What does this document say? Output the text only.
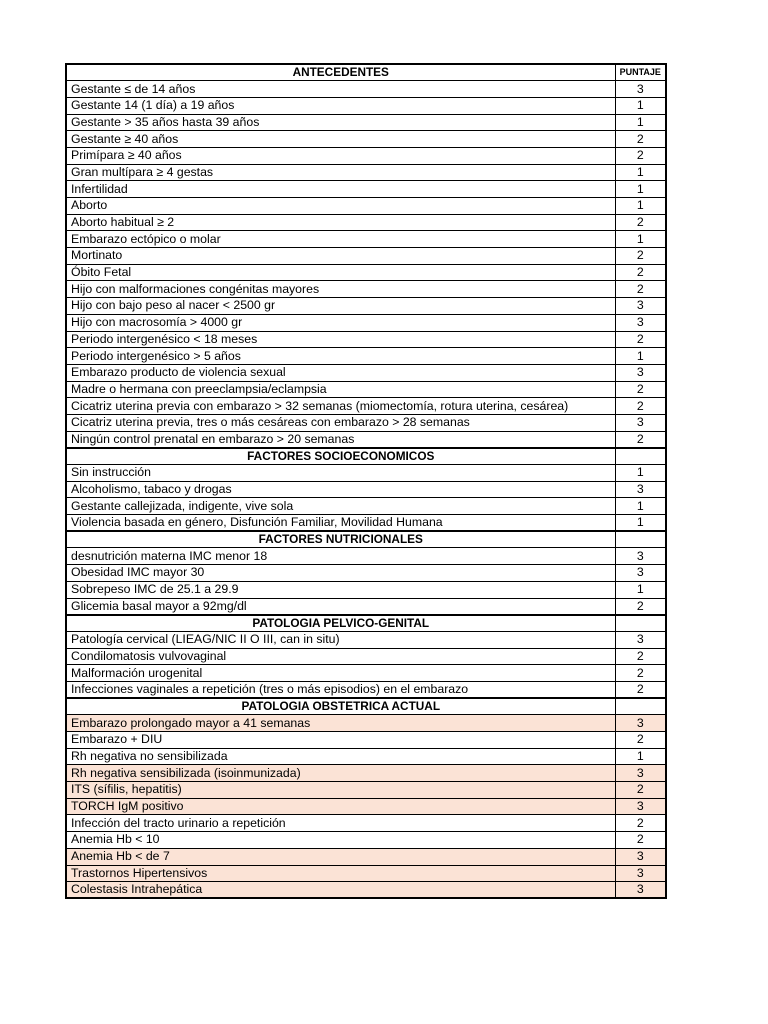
ANTECEDENTES	PUNTAJE
Gestante ≤ de 14 años	3
Gestante 14 (1 día) a 19 años	1
Gestante > 35 años hasta 39 años	1
Gestante ≥ 40 años	2
Primípara ≥ 40 años	2
Gran multípara ≥ 4 gestas	1
Infertilidad	1
Aborto	1
Aborto habitual ≥ 2	2
Embarazo ectópico o molar	1
Mortinato	2
Óbito Fetal	2
Hijo con malformaciones congénitas mayores	2
Hijo con bajo peso al nacer < 2500 gr	3
Hijo con macrosomía > 4000 gr	3
Periodo intergenésico < 18 meses	2
Periodo intergenésico > 5 años	1
Embarazo producto de violencia sexual	3
Madre o hermana con preeclampsia/eclampsia	2
Cicatriz uterina previa con embarazo > 32 semanas (miomectomía, rotura uterina, cesárea)	2
Cicatriz uterina previa, tres o más cesáreas con embarazo > 28 semanas	3
Ningún control prenatal en embarazo > 20 semanas	2
FACTORES SOCIOECONOMICOS	
Sin instrucción	1
Alcoholismo, tabaco y drogas	3
Gestante callejizada, indigente, vive sola	1
Violencia basada en género, Disfunción Familiar, Movilidad Humana	1
FACTORES NUTRICIONALES	
desnutrición materna IMC menor 18	3
Obesidad IMC mayor 30	3
Sobrepeso IMC de 25.1 a 29.9	1
Glicemia basal mayor a 92mg/dl	2
PATOLOGIA PELVICO-GENITAL	
Patología cervical (LIEAG/NIC II O III, can in situ)	3
Condilomatosis vulvovaginal	2
Malformación urogenital	2
Infecciones vaginales a repetición (tres o más episodios) en el embarazo	2
PATOLOGIA OBSTETRICA ACTUAL	
Embarazo prolongado mayor a 41 semanas	3
Embarazo + DIU	2
Rh negativa no sensibilizada	1
Rh negativa sensibilizada (isoinmunizada)	3
ITS (sífilis, hepatitis)	2
TORCH IgM positivo	3
Infección del tracto urinario a repetición	2
Anemia Hb < 10	2
Anemia Hb < de 7	3
Trastornos Hipertensivos	3
Colestasis Intrahepática	3
